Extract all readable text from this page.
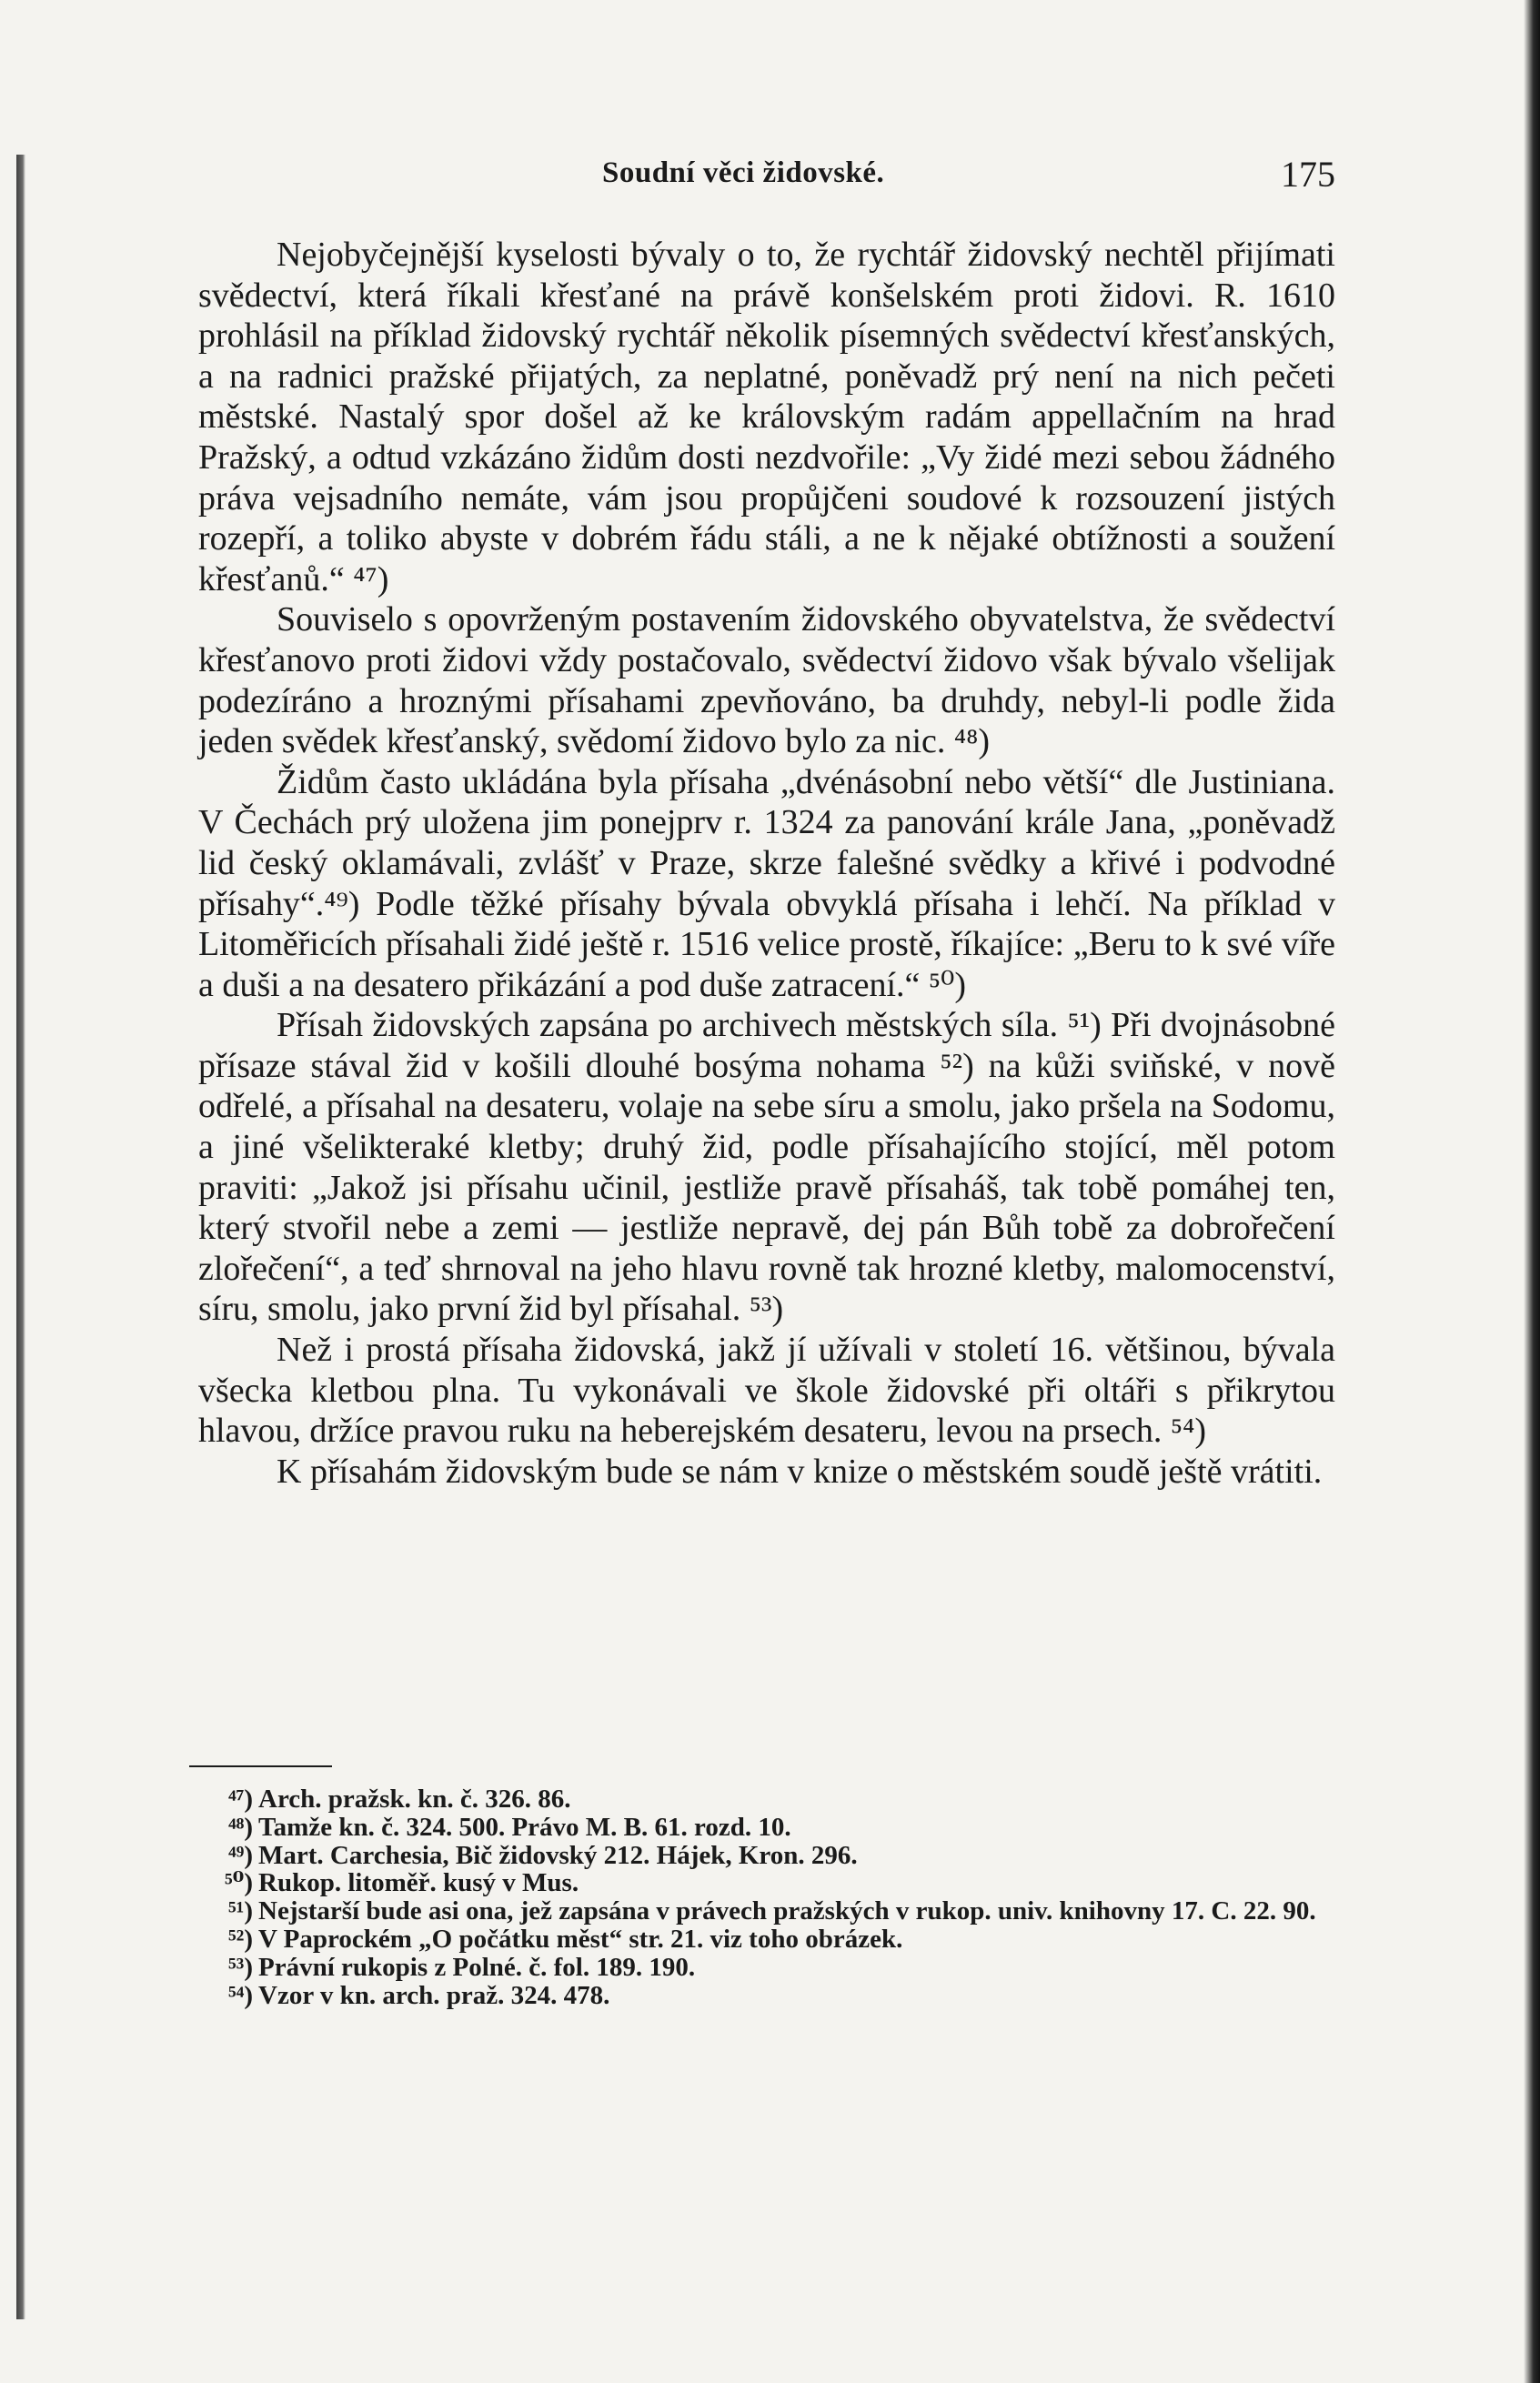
Soudní věci židovské.	175

Nejobyčejnější kyselosti bývaly o to, že rychtář židovský nechtěl přijímati svědectví, která říkali křesťané na právě konšelském proti židovi. R. 1610 prohlásil na příklad židovský rychtář několik písemných svědectví křesťanských, a na radnici pražské přijatých, za neplatné, poněvadž prý není na nich pečeti městské. Nastalý spor došel až ke královským radám appellačním na hrad Pražský, a odtud vzkázáno židům dosti nezdvořile: „Vy židé mezi sebou žádného práva vejsadního nemáte, vám jsou propůjčeni soudové k rozsouzení jistých rozepří, a toliko abyste v dobrém řádu stáli, a ne k nějaké obtížnosti a soužení křesťanů.“ ⁴⁷)

Souviselo s opovrženým postavením židovského obyvatelstva, že svědectví křesťanovo proti židovi vždy postačovalo, svědectví židovo však bývalo všelijak podezíráno a hroznými přísahami zpevňováno, ba druhdy, nebyl-li podle žida jeden svědek křesťanský, svědomí židovo bylo za nic. ⁴⁸)

Židům často ukládána byla přísaha „dvénásobní nebo větší“ dle Justiniana. V Čechách prý uložena jim ponejprv r. 1324 za panování krále Jana, „poněvadž lid český oklamávali, zvlášť v Praze, skrze falešné svědky a křivé i podvodné přísahy“.⁴⁹) Podle těžké přísahy bývala obvyklá přísaha i lehčí. Na příklad v Litoměřicích přísahali židé ještě r. 1516 velice prostě, říkajíce: „Beru to k své víře a duši a na desatero přikázání a pod duše zatracení.“ ⁵⁰)

Přísah židovských zapsána po archivech městských síla. ⁵¹) Při dvojnásobné přísaze stával žid v košili dlouhé bosýma nohama ⁵²) na kůži sviňské, v nově odřelé, a přísahal na desateru, volaje na sebe síru a smolu, jako pršela na Sodomu, a jiné všelikteraké kletby; druhý žid, podle přísahajícího stojící, měl potom praviti: „Jakož jsi přísahu učinil, jestliže pravě přísaháš, tak tobě pomáhej ten, který stvořil nebe a zemi — jestliže nepravě, dej pán Bůh tobě za dobrořečení zlořečení“, a teď shrnoval na jeho hlavu rovně tak hrozné kletby, malomocenství, síru, smolu, jako první žid byl přísahal. ⁵³)

Než i prostá přísaha židovská, jakž jí užívali v století 16. většinou, bývala všecka kletbou plna. Tu vykonávali ve škole židovské při oltáři s přikrytou hlavou, držíce pravou ruku na heberejském desateru, levou na prsech. ⁵⁴)

K přísahám židovským bude se nám v knize o městském soudě ještě vrátiti.

⁴⁷) Arch. pražsk. kn. č. 326. 86.

⁴⁸) Tamže kn. č. 324. 500. Právo M. B. 61. rozd. 10.

⁴⁹) Mart. Carchesia, Bič židovský 212. Hájek, Kron. 296.

⁵⁰) Rukop. litoměř. kusý v Mus.

⁵¹) Nejstarší bude asi ona, jež zapsána v právech pražských v rukop. univ. knihovny 17. C. 22. 90.

⁵²) V Paprockém „O počátku měst“ str. 21. viz toho obrázek.

⁵³) Právní rukopis z Polné. č. fol. 189. 190.

⁵⁴) Vzor v kn. arch. praž. 324. 478.
